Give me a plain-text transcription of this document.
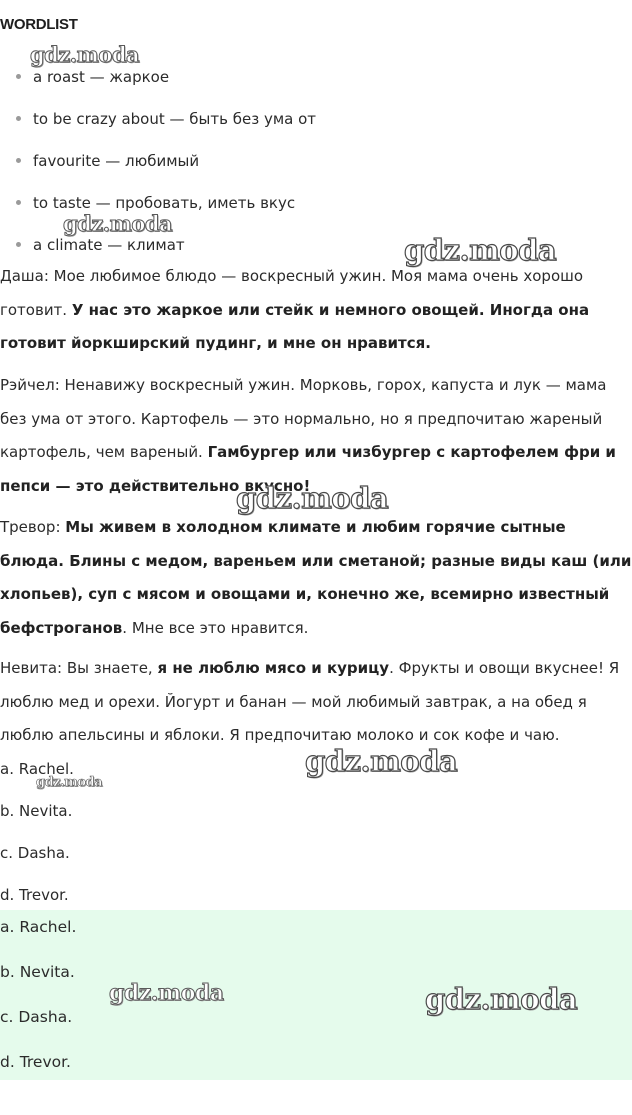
WORDLIST
a roast — жаркое
to be crazy about — быть без ума от
favourite — любимый
to taste — пробовать, иметь вкус
a climate — климат

Даша: Мое любимое блюдо — воскресный ужин. Моя мама очень хорошо готовит. У нас это жаркое или стейк и немного овощей. Иногда она готовит йоркширский пудинг, и мне он нравится.

Рэйчел: Ненавижу воскресный ужин. Морковь, горох, капуста и лук — мама без ума от этого. Картофель — это нормально, но я предпочитаю жареный картофель, чем вареный. Гамбургер или чизбургер с картофелем фри и пепси — это действительно вкусно!

Тревор: Мы живем в холодном климате и любим горячие сытные блюда. Блины с медом, вареньем или сметаной; разные виды каш (или хлопьев), суп с мясом и овощами и, конечно же, всемирно известный бефстроганов. Мне все это нравится.

Невита: Вы знаете, я не люблю мясо и курицу. Фрукты и овощи вкуснее! Я люблю мед и орехи. Йогурт и банан — мой любимый завтрак, а на обед я люблю апельсины и яблоки. Я предпочитаю молоко и сок кофе и чаю.

a. Rachel.
b. Nevita.
c. Dasha.
d. Trevor.
a. Rachel.
b. Nevita.
c. Dasha.
d. Trevor.
gdz.moda
gdz.moda
gdz.moda
gdz.moda
gdz.moda
gdz.moda
gdz.moda	gdz.moda
